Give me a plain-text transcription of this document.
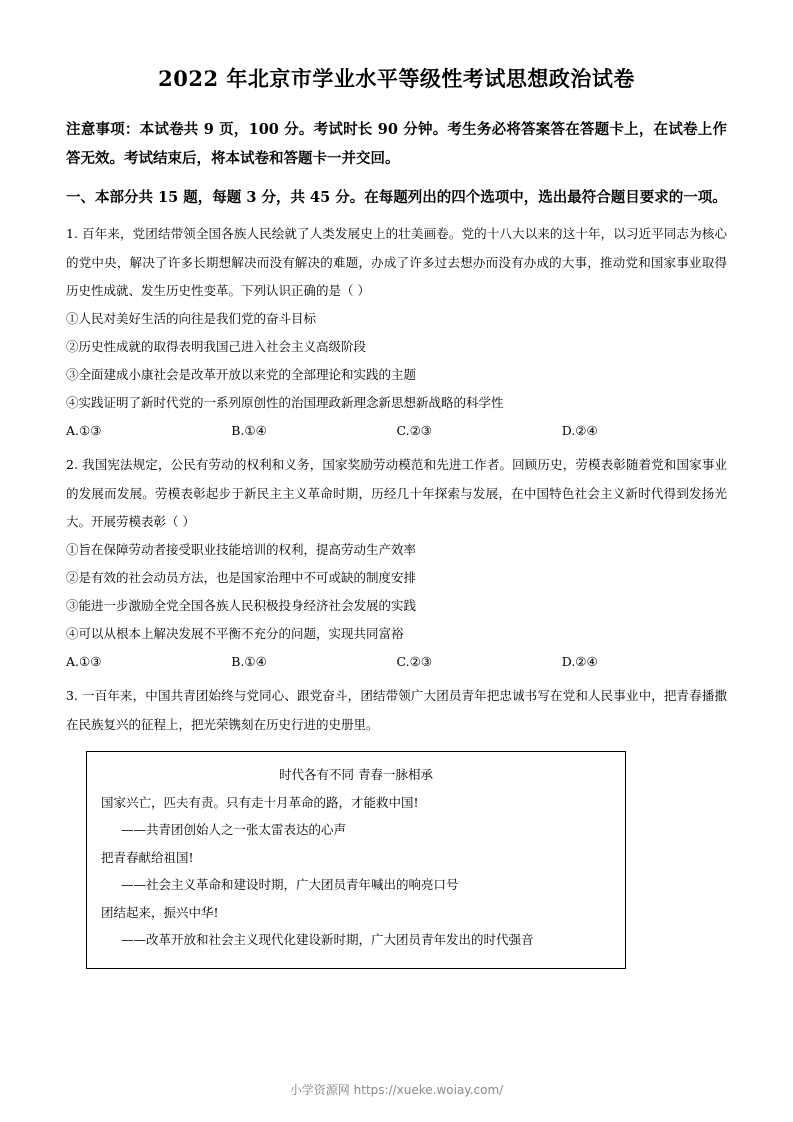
2022 年北京市学业水平等级性考试思想政治试卷
注意事项：本试卷共 9 页，100 分。考试时长 90 分钟。考生务必将答案答在答题卡上，在试卷上作答无效。考试结束后，将本试卷和答题卡一并交回。
一、本部分共 15 题，每题 3 分，共 45 分。在每题列出的四个选项中，选出最符合题目要求的一项。
1. 百年来，党团结带领全国各族人民绘就了人类发展史上的壮美画卷。党的十八大以来的这十年，以习近平同志为核心的党中央，解决了许多长期想解决而没有解决的难题，办成了许多过去想办而没有办成的大事，推动党和国家事业取得历史性成就、发生历史性变革。下列认识正确的是（ ）
①人民对美好生活的向往是我们党的奋斗目标
②历史性成就的取得表明我国己进入社会主义高级阶段
③全面建成小康社会是改革开放以来党的全部理论和实践的主题
④实践证明了新时代党的一系列原创性的治国理政新理念新思想新战略的科学性
A.①③	B.①④	C.②③	D.②④
2. 我国宪法规定，公民有劳动的权利和义务，国家奖励劳动模范和先进工作者。回顾历史，劳模表彰随着党和国家事业的发展而发展。劳模表彰起步于新民主主义革命时期，历经几十年探索与发展，在中国特色社会主义新时代得到发扬光大。开展劳模表彰（ ）
①旨在保障劳动者接受职业技能培训的权利，提高劳动生产效率
②是有效的社会动员方法，也是国家治理中不可或缺的制度安排
③能进一步激励全党全国各族人民积极投身经济社会发展的实践
④可以从根本上解决发展不平衡不充分的问题，实现共同富裕
A.①③	B.①④	C.②③	D.②④
3. 一百年来，中国共青团始终与党同心、跟党奋斗，团结带领广大团员青年把忠诚书写在党和人民事业中，把青春播撒在民族复兴的征程上，把光荣镌刻在历史行进的史册里。
时代各有不同 青春一脉相承
国家兴亡，匹夫有责。只有走十月革命的路，才能救中国!
——共青团创始人之一张太雷表达的心声
把青春献给祖国!
——社会主义革命和建设时期，广大团员青年喊出的响亮口号
团结起来，振兴中华!
——改革开放和社会主义现代化建设新时期，广大团员青年发出的时代强音
小学资源网 https://xueke.woiay.com/
